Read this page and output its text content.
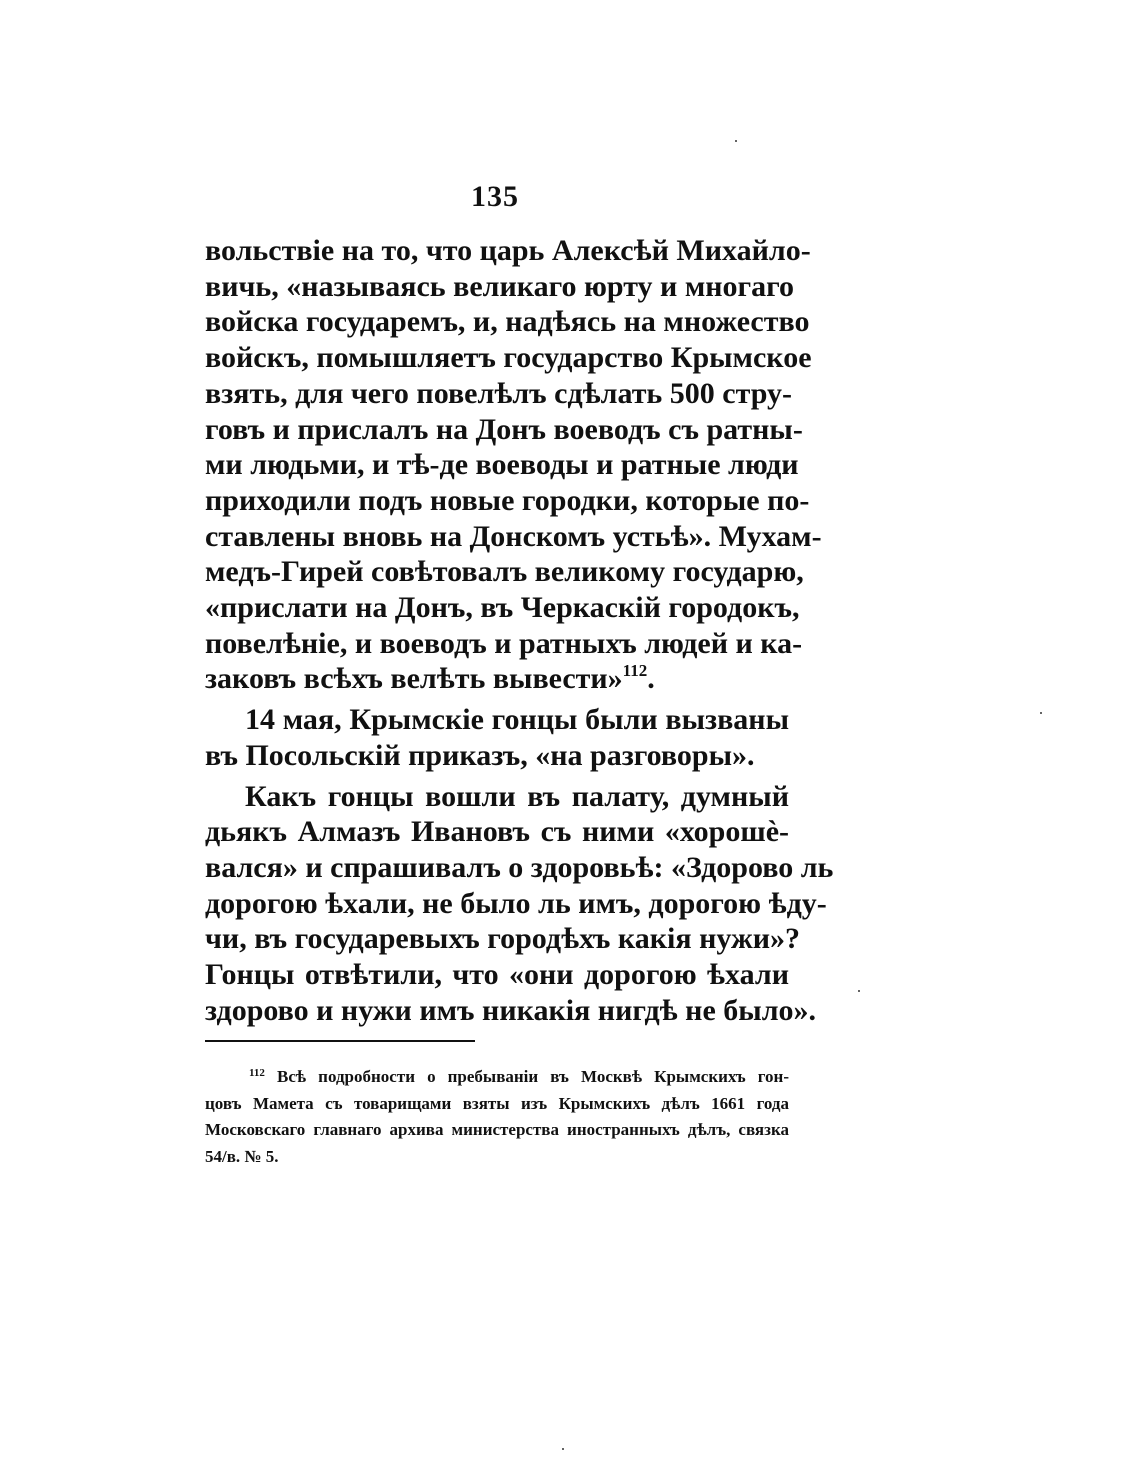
135
вольствіе на то, что царь Алексѣй Михайло-
вичь, «называясь великаго юрту и многаго
войска государемъ, и, надѣясь на множество
войскъ, помышляетъ государство Крымское
взять, для чего повелѣлъ сдѣлать 500 стру-
говъ и прислалъ на Донъ воеводъ съ ратны-
ми людьми, и тѣ-де воеводы и ратные люди
приходили подъ новые городки, которые по-
ставлены вновь на Донскомъ устьѣ». Мухам-
медъ-Гирей совѣтовалъ великому государю,
«прислати на Донъ, въ Черкаскій городокъ,
повелѣніе, и воеводъ и ратныхъ людей и ка-
заковъ всѣхъ велѣть вывести»$^{112}$.
14 мая, Крымскіе гонцы были вызваны
въ Посольскій приказъ, «на разговоры».
Какъ гонцы вошли въ палату, думный
дьякъ Алмазъ Ивановъ съ ними «хорошѐ-
вался» и спрашивалъ о здоровьѣ: «Здорово ль
дорогою ѣхали, не было ль имъ, дорогою ѣду-
чи, въ государевыхъ городѣхъ какія нужи»?
Гонцы отвѣтили, что «они дорогою ѣхали
здорово и нужи имъ никакія нигдѣ не было».
$^{112}$ Всѣ подробности о пребываніи въ Москвѣ Крымскихъ гон-
цовъ Мамета съ товарищами взяты изъ Крымскихъ дѣлъ 1661 года
Московскаго главнаго архива министерства иностранныхъ дѣлъ, связка
54/в. № 5.
